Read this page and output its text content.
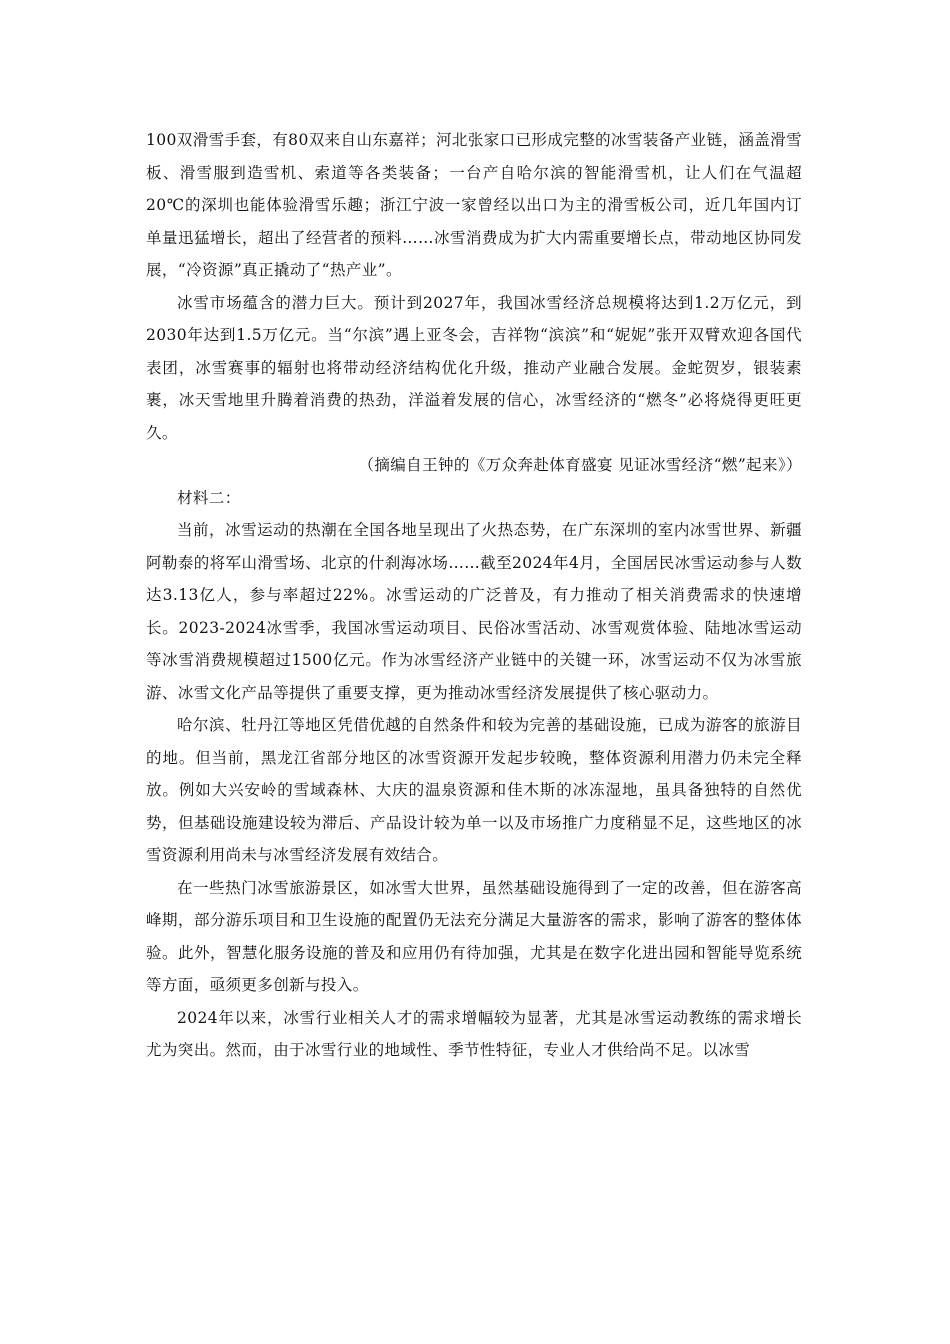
100双滑雪手套，有80双来自山东嘉祥；河北张家口已形成完整的冰雪装备产业链，涵盖滑雪板、滑雪服到造雪机、索道等各类装备；一台产自哈尔滨的智能滑雪机，让人们在气温超20℃的深圳也能体验滑雪乐趣；浙江宁波一家曾经以出口为主的滑雪板公司，近几年国内订单量迅猛增长，超出了经营者的预料……冰雪消费成为扩大内需重要增长点，带动地区协同发展，“冷资源”真正撬动了“热产业”。

冰雪市场蕴含的潜力巨大。预计到2027年，我国冰雪经济总规模将达到1.2万亿元，到2030年达到1.5万亿元。当“尔滨”遇上亚冬会，吉祥物“滨滨”和“妮妮”张开双臂欢迎各国代表团，冰雪赛事的辐射也将带动经济结构优化升级，推动产业融合发展。金蛇贺岁，银装素裹，冰天雪地里升腾着消费的热劲，洋溢着发展的信心，冰雪经济的“燃冬”必将烧得更旺更久。

（摘编自王钟的《万众奔赴体育盛宴 见证冰雪经济“燃”起来》）

材料二：

当前，冰雪运动的热潮在全国各地呈现出了火热态势，在广东深圳的室内冰雪世界、新疆阿勒泰的将军山滑雪场、北京的什刹海冰场……截至2024年4月，全国居民冰雪运动参与人数达3.13亿人，参与率超过22%。冰雪运动的广泛普及，有力推动了相关消费需求的快速增长。2023-2024冰雪季，我国冰雪运动项目、民俗冰雪活动、冰雪观赏体验、陆地冰雪运动等冰雪消费规模超过1500亿元。作为冰雪经济产业链中的关键一环，冰雪运动不仅为冰雪旅游、冰雪文化产品等提供了重要支撑，更为推动冰雪经济发展提供了核心驱动力。

哈尔滨、牡丹江等地区凭借优越的自然条件和较为完善的基础设施，已成为游客的旅游目的地。但当前，黑龙江省部分地区的冰雪资源开发起步较晚，整体资源利用潜力仍未完全释放。例如大兴安岭的雪域森林、大庆的温泉资源和佳木斯的冰冻湿地，虽具备独特的自然优势，但基础设施建设较为滞后、产品设计较为单一以及市场推广力度稍显不足，这些地区的冰雪资源利用尚未与冰雪经济发展有效结合。

在一些热门冰雪旅游景区，如冰雪大世界，虽然基础设施得到了一定的改善，但在游客高峰期，部分游乐项目和卫生设施的配置仍无法充分满足大量游客的需求，影响了游客的整体体验。此外，智慧化服务设施的普及和应用仍有待加强，尤其是在数字化进出园和智能导览系统等方面，亟须更多创新与投入。

2024年以来，冰雪行业相关人才的需求增幅较为显著，尤其是冰雪运动教练的需求增长尤为突出。然而，由于冰雪行业的地域性、季节性特征，专业人才供给尚不足。以冰雪
